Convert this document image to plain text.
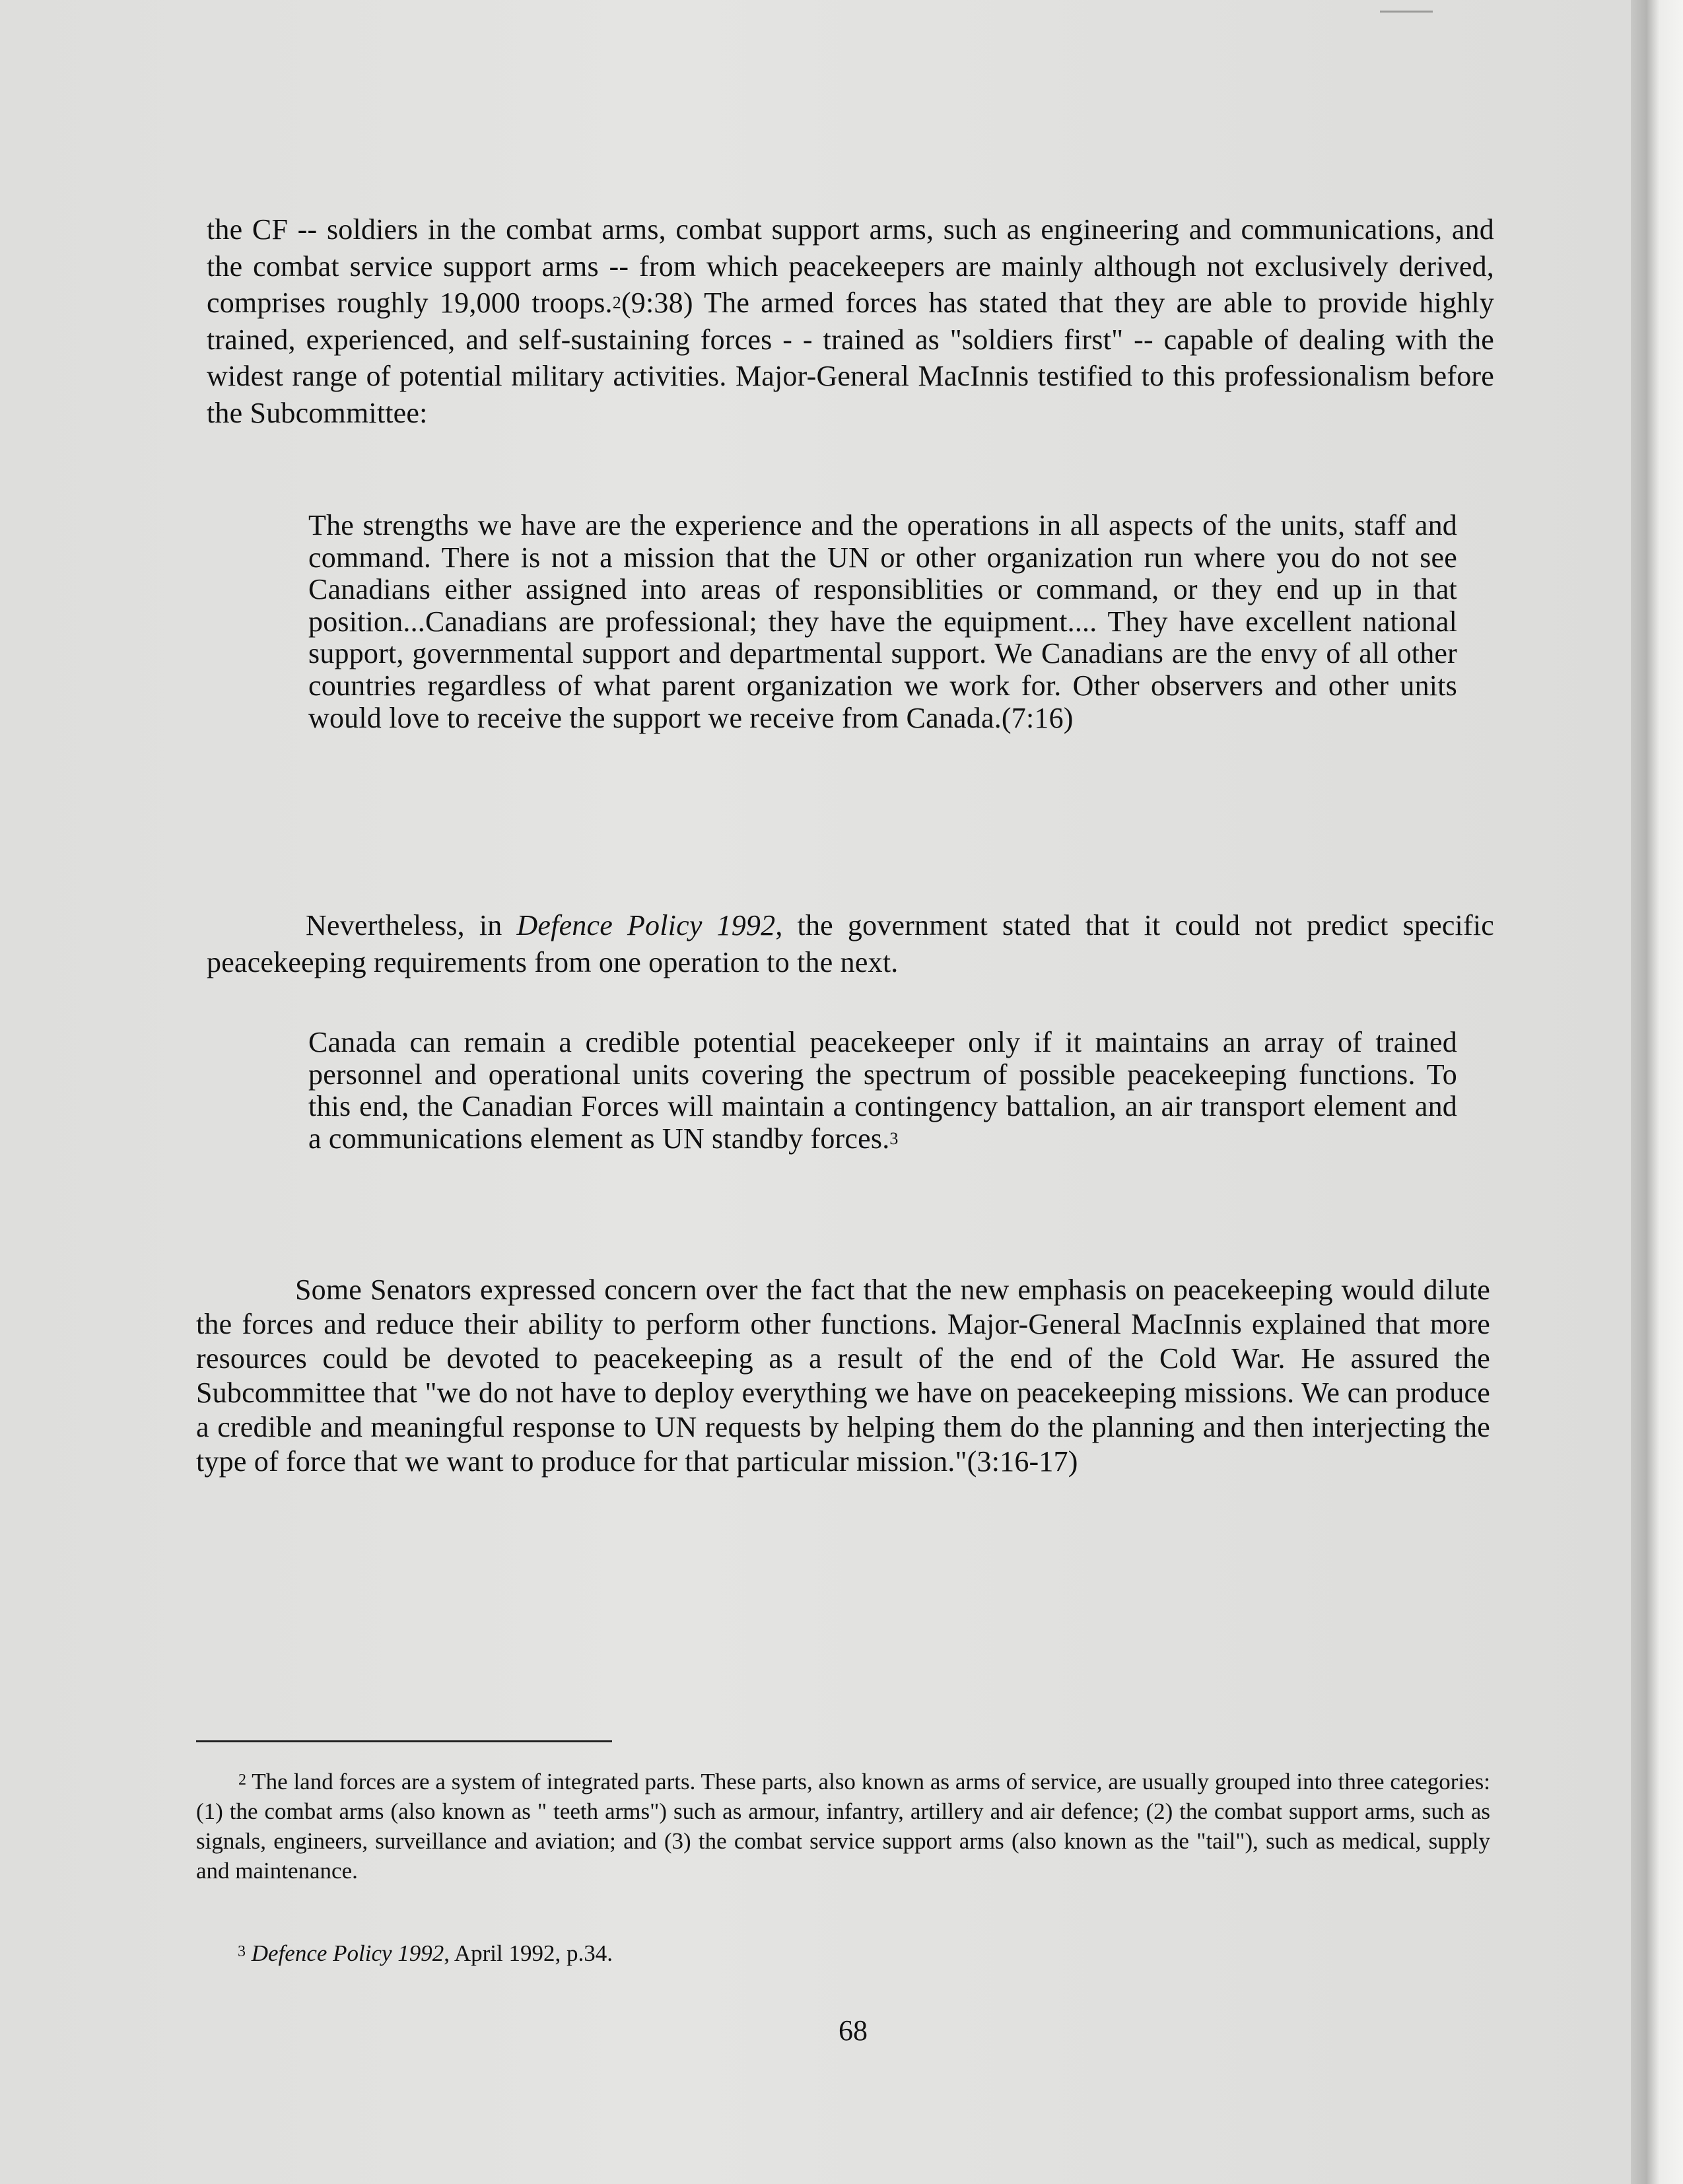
the CF -- soldiers in the combat arms, combat support arms, such as engineering and communications, and the combat service support arms -- from which peacekeepers are mainly although not exclusively derived, comprises roughly 19,000 troops.$^2$(9:38) The armed forces has stated that they are able to provide highly trained, experienced, and self-sustaining forces - - trained as "soldiers first" -- capable of dealing with the widest range of potential military activities. Major-General MacInnis testified to this professionalism before the Subcommittee:

The strengths we have are the experience and the operations in all aspects of the units, staff and command. There is not a mission that the UN or other organization run where you do not see Canadians either assigned into areas of responsiblities or command, or they end up in that position...Canadians are professional; they have the equipment.... They have excellent national support, governmental support and departmental support. We Canadians are the envy of all other countries regardless of what parent organization we work for. Other observers and other units would love to receive the support we receive from Canada.(7:16)

Nevertheless, in Defence Policy 1992, the government stated that it could not predict specific peacekeeping requirements from one operation to the next.

Canada can remain a credible potential peacekeeper only if it maintains an array of trained personnel and operational units covering the spectrum of possible peacekeeping functions. To this end, the Canadian Forces will maintain a contingency battalion, an air transport element and a communications element as UN standby forces.$^3$

Some Senators expressed concern over the fact that the new emphasis on peacekeeping would dilute the forces and reduce their ability to perform other functions. Major-General MacInnis explained that more resources could be devoted to peacekeeping as a result of the end of the Cold War. He assured the Subcommittee that "we do not have to deploy everything we have on peacekeeping missions. We can produce a credible and meaningful response to UN requests by helping them do the planning and then interjecting the type of force that we want to produce for that particular mission."(3:16-17)

$^2$ The land forces are a system of integrated parts. These parts, also known as arms of service, are usually grouped into three categories: (1) the combat arms (also known as " teeth arms") such as armour, infantry, artillery and air defence; (2) the combat support arms, such as signals, engineers, surveillance and aviation; and (3) the combat service support arms (also known as the "tail"), such as medical, supply and maintenance.

$^3$ Defence Policy 1992, April 1992, p.34.

68
